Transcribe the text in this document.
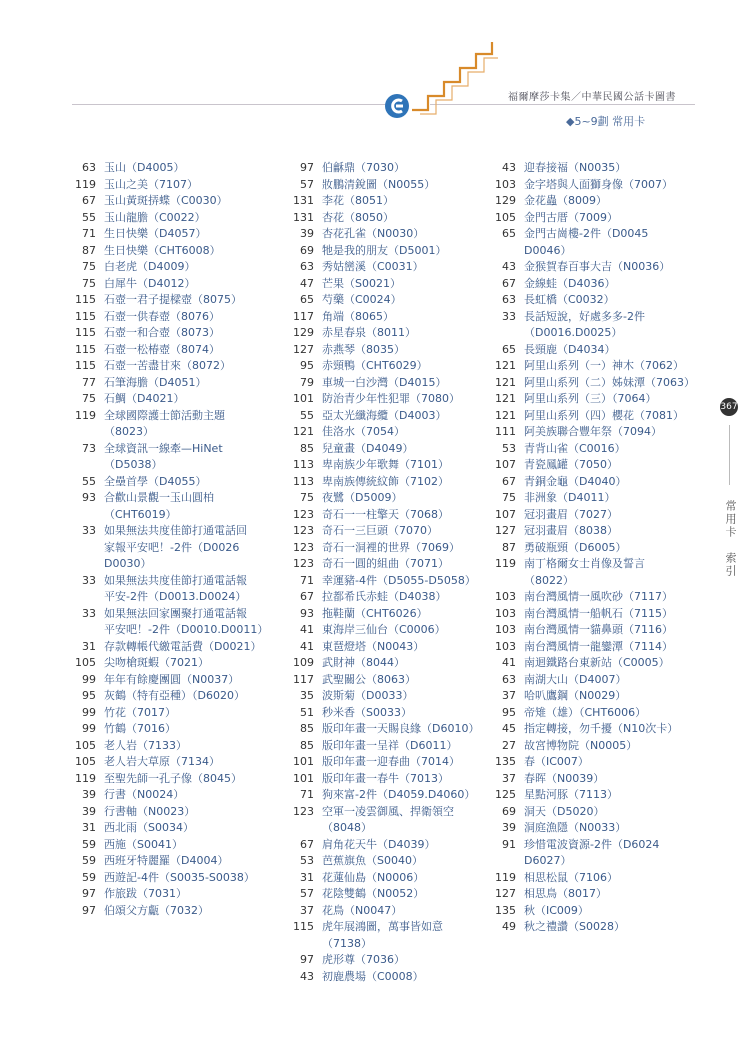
福爾摩莎卡集／中華民國公話卡圖書
◆5~9劃 常用卡
63 玉山（D4005）
119 玉山之美（7107）
67 玉山黃斑挵蝶（C0030）
55 玉山龍膽（C0022）
71 生日快樂（D4057）
87 生日快樂（CHT6008）
75 白老虎（D4009）
75 白犀牛（D4012）
115 石壺一君子提樑壺（8075）
115 石壺一供春壺（8076）
115 石壺一和合壺（8073）
115 石壺一松椿壺（8074）
115 石壺一苦盡甘來（8072）
77 石筆海膽（D4051）
75 石鯛（D4021）
119 全球國際護士節活動主題
（8023）
73 全球資訊一線牽—HiNet
（D5038）
55 全壘首學（D4055）
93 合歡山景觀一玉山圓柏
（CHT6019）
33 如果無法共度佳節打通電話回
家報平安吧！-2件（D0026
D0030）
33 如果無法共度佳節打通電話報
平安-2件（D0013.D0024）
33 如果無法回家團聚打通電話報
平安吧！-2件（D0010.D0011）
31 存款轉帳代繳電話費（D0021）
105 尖吻槍斑蝦（7021）
99 年年有餘慶團圓（N0037）
95 灰鶴（特有亞種）（D6020）
99 竹花（7017）
99 竹鶴（7016）
105 老人岩（7133）
105 老人岩大草原（7134）
119 至聖先師一孔子像（8045）
39 行書（N0024）
39 行書軸（N0023）
31 西北雨（S0034）
59 西施（S0041）
59 西班牙特麗羅（D4004）
59 西遊記-4件（S0035-S0038）
97 作旅跋（7031）
97 伯頌父方甗（7032）
97 伯龢鼎（7030）
57 妝鵬清銳圖（N0055）
131 李花（8051）
131 杏花（8050）
39 杏花孔雀（N0030）
69 牠是我的朋友（D5001）
63 秀姑巒溪（C0031）
47 芒果（S0021）
65 芍藥（C0024）
117 角端（8065）
129 赤星春泉（8011）
127 赤燕琴（8035）
95 赤頸鴨（CHT6029）
79 車城一白沙灣（D4015）
101 防治青少年性犯罪（7080）
55 亞太光纖海纜（D4003）
121 佳洛水（7054）
85 兒童畫（D4049）
113 卑南族少年歌舞（7101）
113 卑南族傳統紋飾（7102）
75 夜鷺（D5009）
123 奇石一一柱擎天（7068）
123 奇石一三巨頭（7070）
123 奇石一洞裡的世界（7069）
123 奇石一圓的組曲（7071）
71 幸運豬-4件（D5055-D5058）
67 拉都希氏赤蛙（D4038）
93 拖鞋蘭（CHT6026）
41 東海岸三仙台（C0006）
41 東琶燈塔（N0043）
109 武財神（8044）
117 武聖關公（8063）
35 波斯菊（D0033）
51 秒米香（S0033）
85 版印年畫一天賜良緣（D6010）
85 版印年畫一呈祥（D6011）
101 版印年畫一迎春曲（7014）
101 版印年畫一春牛（7013）
71 狗來富-2件（D4059.D4060）
123 空軍一凌雲御風、捍衛領空
（8048）
67 肩角花天牛（D4039）
53 芭蕉旗魚（S0040）
31 花蓮仙島（N0006）
57 花陰雙鶴（N0052）
37 花鳥（N0047）
115 虎年展鴻圖，萬事皆如意
（7138）
97 虎形尊（7036）
43 初鹿農場（C0008）
43 迎春接福（N0035）
103 金字塔與人面獅身像（7007）
129 金花蟲（8009）
105 金門古厝（7009）
65 金門古崗樓-2件（D0045
D0046）
43 金猴賀春百事大吉（N0036）
67 金線蛙（D4036）
63 長虹橋（C0032）
33 長話短說，好處多多-2件
（D0016.D0025）
65 長頸鹿（D4034）
121 阿里山系列（一）神木（7062）
121 阿里山系列（二）姊妹潭（7063）
121 阿里山系列（三）（7064）
121 阿里山系列（四）櫻花（7081）
111 阿美族聯合豐年祭（7094）
53 青背山雀（C0016）
107 青瓷鳳罐（7050）
67 青銅金龜（D4040）
75 非洲象（D4011）
107 冠羽畫眉（7027）
127 冠羽畫眉（8038）
87 勇破瓶頸（D6005）
119 南丁格爾女士肖像及誓言
（8022）
103 南台灣風情一風吹砂（7117）
103 南台灣風情一船帆石（7115）
103 南台灣風情一貓鼻頭（7116）
103 南台灣風情一龍鑾潭（7114）
41 南迴鐵路台東新站（C0005）
63 南湖大山（D4007）
37 哈叭鷹鋼（N0029）
95 帝雉（雄）（CHT6006）
45 指定轉接，勿千擾（N10次卡）
27 故宮博物院（N0005）
135 春（IC007）
37 春晖（N0039）
125 星點河豚（7113）
69 洞天（D5020）
39 洞庭漁隱（N0033）
91 珍惜電波資源-2件（D6024
D6027）
119 相思松鼠（7106）
127 相思鳥（8017）
135 秋（IC009）
49 秋之禮讚（S0028）
367
常用卡　索引
